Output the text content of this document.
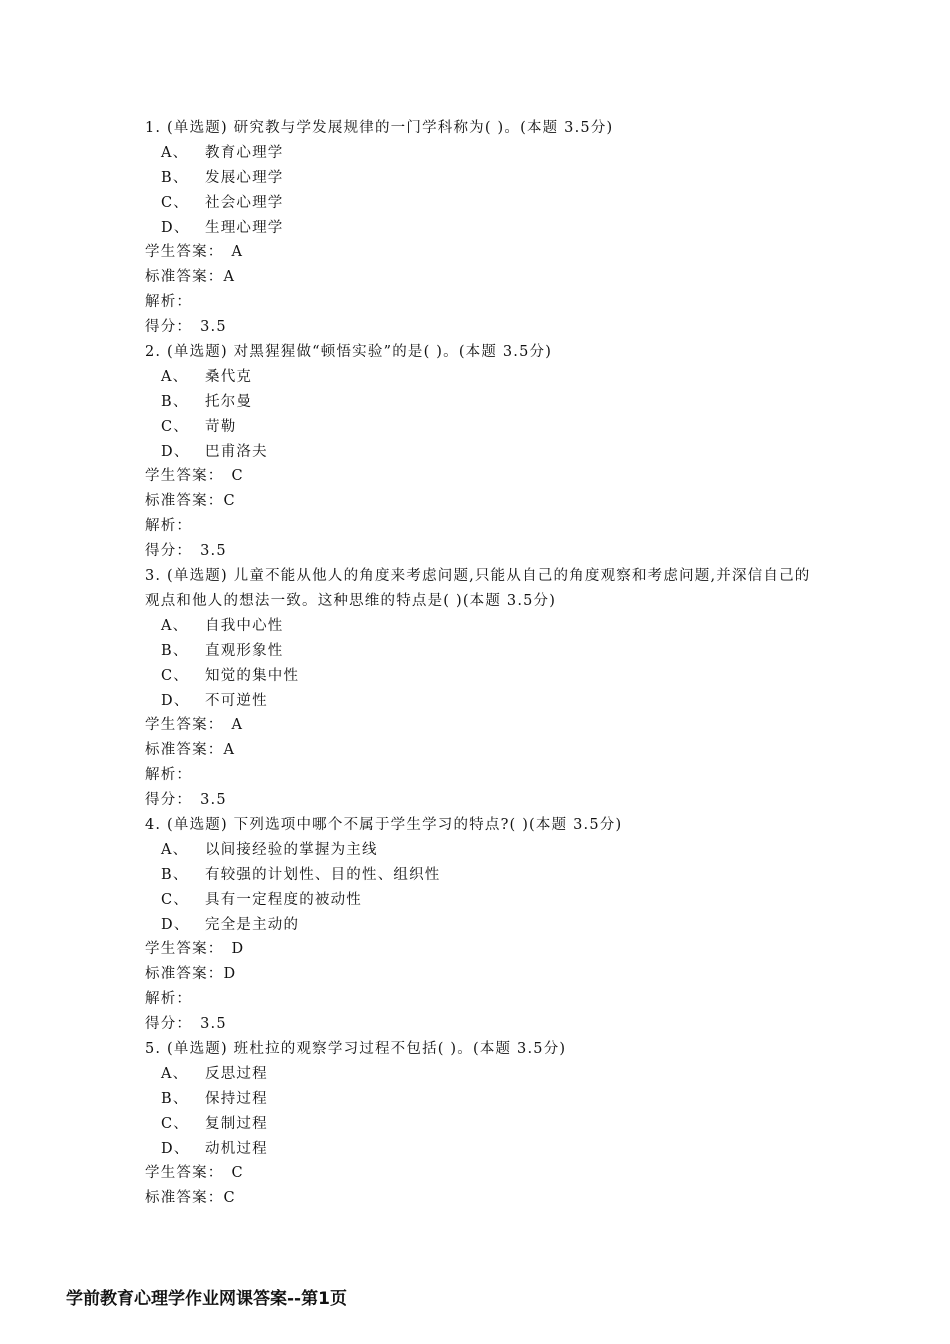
1. (单选题) 研究教与学发展规律的一门学科称为( )。(本题 3.5分)
A、 教育心理学
B、 发展心理学
C、 社会心理学
D、 生理心理学
学生答案： A
标准答案：A
解析：
得分： 3.5
2. (单选题) 对黑猩猩做“顿悟实验”的是( )。(本题 3.5分)
A、 桑代克
B、 托尔曼
C、 苛勒
D、 巴甫洛夫
学生答案： C
标准答案：C
解析：
得分： 3.5
3. (单选题) 儿童不能从他人的角度来考虑问题,只能从自己的角度观察和考虑问题,并深信自己的观点和他人的想法一致。这种思维的特点是( )(本题 3.5分)
A、 自我中心性
B、 直观形象性
C、 知觉的集中性
D、 不可逆性
学生答案： A
标准答案：A
解析：
得分： 3.5
4. (单选题) 下列选项中哪个不属于学生学习的特点?( )(本题 3.5分)
A、 以间接经验的掌握为主线
B、 有较强的计划性、目的性、组织性
C、 具有一定程度的被动性
D、 完全是主动的
学生答案： D
标准答案：D
解析：
得分： 3.5
5. (单选题) 班杜拉的观察学习过程不包括( )。(本题 3.5分)
A、 反思过程
B、 保持过程
C、 复制过程
D、 动机过程
学生答案： C
标准答案：C
学前教育心理学作业网课答案--第1页
